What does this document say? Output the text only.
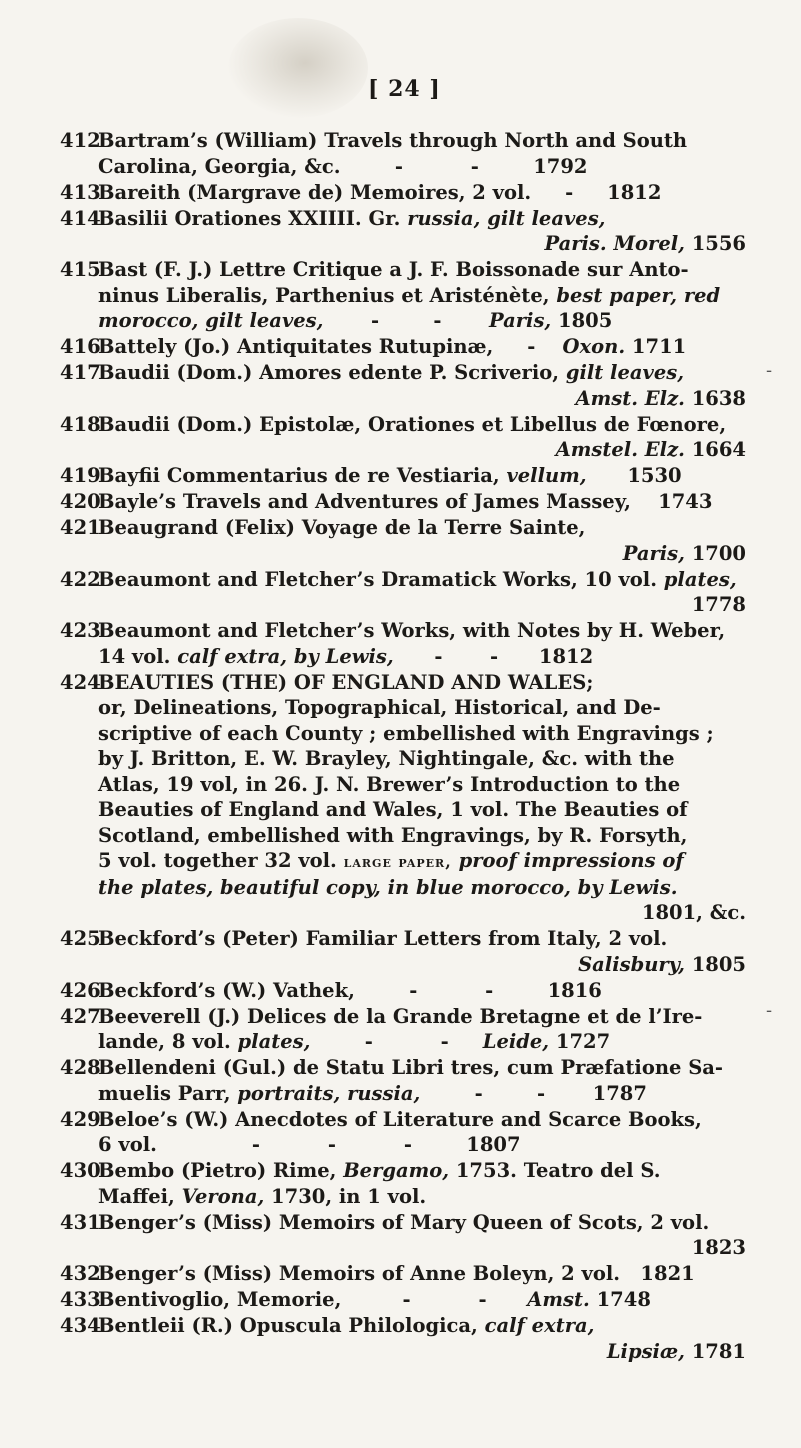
[ 24 ]
412
Bartram’s (William) Travels through North and South
Carolina, Georgia, &c.        -          -        1792
413
Bareith (Margrave de) Memoires, 2 vol.     -     1812
414
Basilii Orationes XXIIII. Gr. russia, gilt leaves,
Paris. Morel, 1556
415
Bast (F. J.) Lettre Critique a J. F. Boissonade sur Anto-
ninus Liberalis, Parthenius et Aristénète, best paper, red
morocco, gilt leaves,       -        -       Paris, 1805
416
Battely (Jo.) Antiquitates Rutupinæ,     -    Oxon. 1711
417
Baudii (Dom.) Amores edente P. Scriverio, gilt leaves,
Amst. Elz. 1638
418
Baudii (Dom.) Epistolæ, Orationes et Libellus de Fœnore,
Amstel. Elz. 1664
419
Bayfii Commentarius de re Vestiaria, vellum,      1530
420
Bayle’s Travels and Adventures of James Massey,    1743
421
Beaugrand (Felix) Voyage de la Terre Sainte,
Paris, 1700
422
Beaumont and Fletcher’s Dramatick Works, 10 vol. plates,
1778
423
Beaumont and Fletcher’s Works, with Notes by H. Weber,
14 vol. calf extra, by Lewis,      -       -      1812
424
BEAUTIES (THE) OF ENGLAND AND WALES;
or, Delineations, Topographical, Historical, and De-
scriptive of each County ; embellished with Engravings ;
by J. Britton, E. W. Brayley, Nightingale, &c. with the
Atlas, 19 vol, in 26. J. N. Brewer’s Introduction to the
Beauties of England and Wales, 1 vol. The Beauties of
Scotland, embellished with Engravings, by R. Forsyth,
5 vol. together 32 vol. large paper, proof impressions of
the plates, beautiful copy, in blue morocco, by Lewis.
1801, &c.
425
Beckford’s (Peter) Familiar Letters from Italy, 2 vol.
Salisbury, 1805
426
Beckford’s (W.) Vathek,        -          -        1816
427
Beeverell (J.) Delices de la Grande Bretagne et de l’Ire-
lande, 8 vol. plates,        -          -     Leide, 1727
428
Bellendeni (Gul.) de Statu Libri tres, cum Præfatione Sa-
muelis Parr, portraits, russia,        -        -       1787
429
Beloe’s (W.) Anecdotes of Literature and Scarce Books,
6 vol.              -          -          -        1807
430
Bembo (Pietro) Rime, Bergamo, 1753. Teatro del S.
Maffei, Verona, 1730, in 1 vol.
431
Benger’s (Miss) Memoirs of Mary Queen of Scots, 2 vol.
1823
432
Benger’s (Miss) Memoirs of Anne Boleyn, 2 vol.   1821
433
Bentivoglio, Memorie,         -          -      Amst. 1748
434
Bentleii (R.) Opuscula Philologica, calf extra,
Lipsiæ, 1781
-
-
